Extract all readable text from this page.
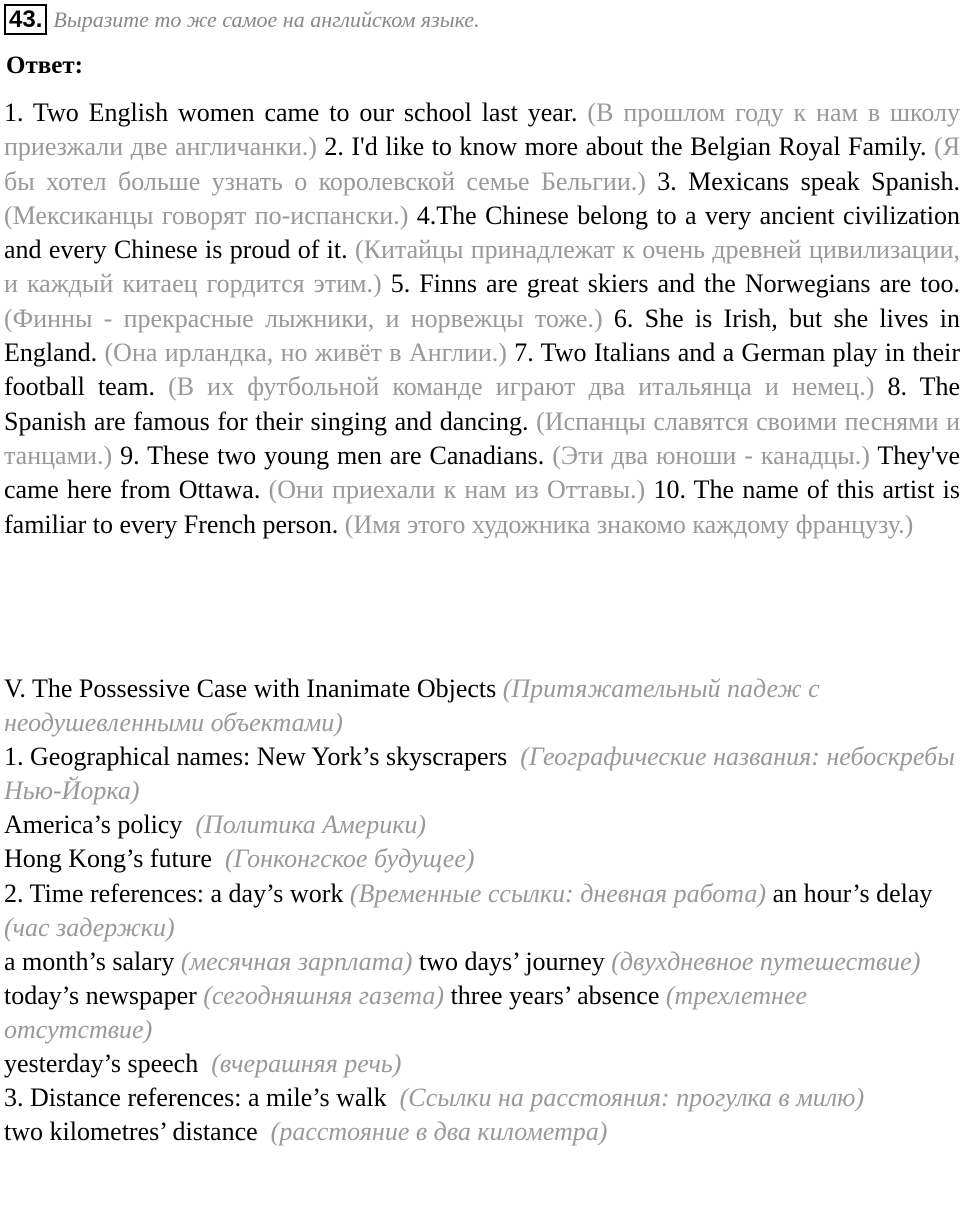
43. Выразите то же самое на английском языке.
Ответ:
1. Two English women came to our school last year. (В прошлом году к нам в школу приезжали две англичанки.) 2. I'd like to know more about the Belgian Royal Family. (Я бы хотел больше узнать о королевской семье Бельгии.) 3. Mexicans speak Spanish. (Мексиканцы говорят по-испански.) 4.The Chinese belong to a very ancient civilization and every Chinese is proud of it. (Китайцы принадлежат к очень древней цивилизации, и каждый китаец гордится этим.) 5. Finns are great skiers and the Norwegians are too. (Финны - прекрасные лыжники, и норвежцы тоже.) 6. She is Irish, but she lives in England. (Она ирландка, но живёт в Англии.) 7. Two Italians and a German play in their football team. (В их футбольной команде играют два итальянца и немец.) 8. The Spanish are famous for their singing and dancing. (Испанцы славятся своими песнями и танцами.) 9. These two young men are Canadians. (Эти два юноши - канадцы.) They've came here from Ottawa. (Они приехали к нам из Оттавы.) 10. The name of this artist is familiar to every French person. (Имя этого художника знакомо каждому французу.)
V. The Possessive Case with Inanimate Objects (Притяжательный падеж с неодушевленными объектами)
1. Geographical names: New York’s skyscrapers (Географические названия: небоскребы Нью-Йорка)
America’s policy (Политика Америки)
Hong Kong’s future (Гонконгское будущее)
2. Time references: a day’s work (Временные ссылки: дневная работа) an hour’s delay (час задержки)
a month’s salary (месячная зарплата) two days’ journey (двухдневное путешествие)
today’s newspaper (сегодняшняя газета) three years’ absence (трехлетнее отсутствие)
yesterday’s speech (вчерашняя речь)
3. Distance references: a mile’s walk (Ссылки на расстояния: прогулка в милю)
two kilometres’ distance (расстояние в два километра)
